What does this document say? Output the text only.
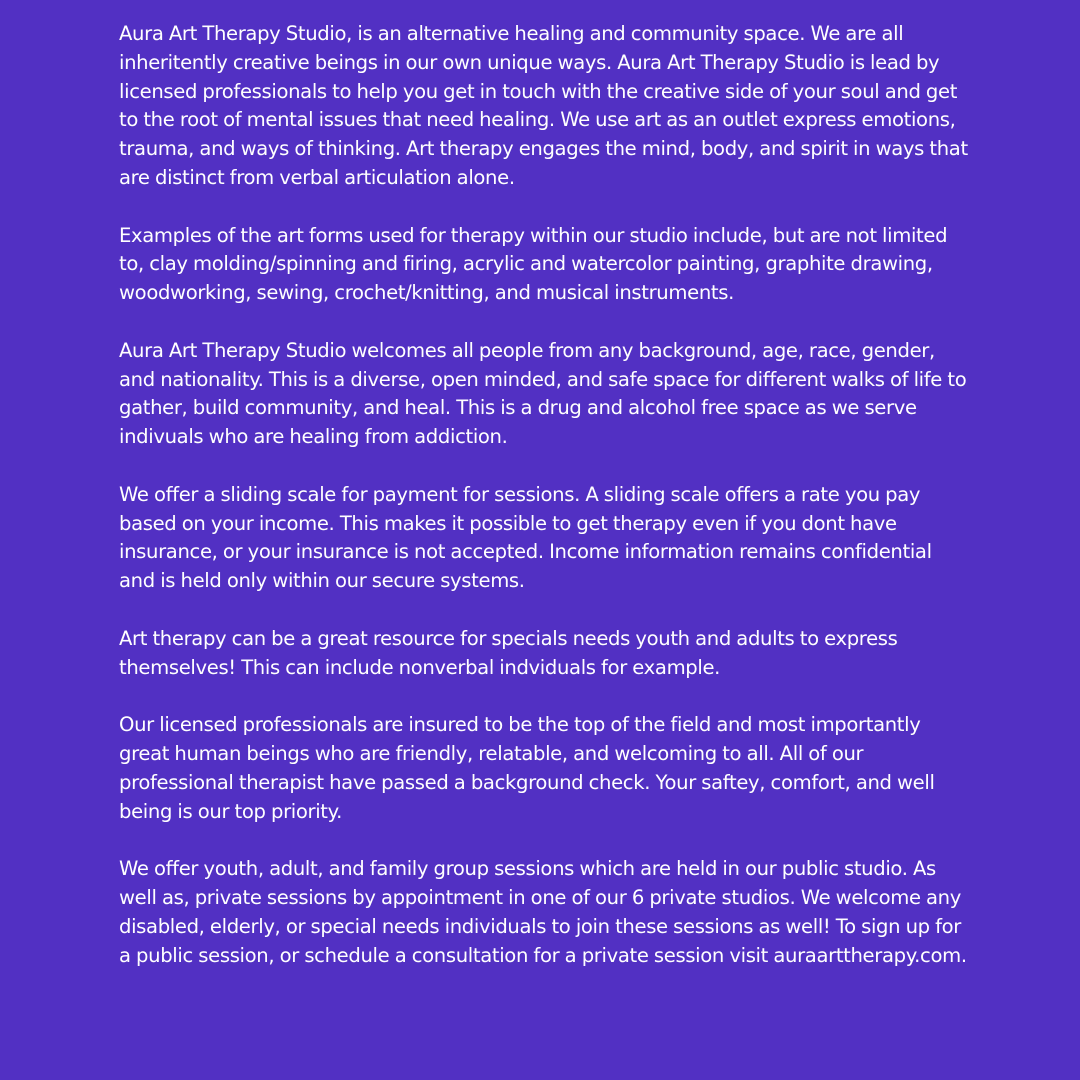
Aura Art Therapy Studio, is an alternative healing and community space. We are all inheritently creative beings in our own unique ways. Aura Art Therapy Studio is lead by licensed professionals to help you get in touch with the creative side of your soul and get to the root of mental issues that need healing. We use art as an outlet express emotions, trauma, and ways of thinking. Art therapy engages the mind, body, and spirit in ways that are distinct from verbal articulation alone.

Examples of the art forms used for therapy within our studio include, but are not limited to, clay molding/spinning and firing, acrylic and watercolor painting, graphite drawing, woodworking, sewing, crochet/knitting, and musical instruments.

Aura Art Therapy Studio welcomes all people from any background, age, race, gender, and nationality. This is a diverse, open minded, and safe space for different walks of life to gather, build community, and heal. This is a drug and alcohol free space as we serve indivuals who are healing from addiction.

We offer a sliding scale for payment for sessions. A sliding scale offers a rate you pay based on your income. This makes it possible to get therapy even if you dont have insurance, or your insurance is not accepted. Income information remains confidential and is held only within our secure systems.

Art therapy can be a great resource for specials needs youth and adults to express themselves! This can include nonverbal indviduals for example.

Our licensed professionals are insured to be the top of the field and most importantly great human beings who are friendly, relatable, and welcoming to all. All of our professional therapist have passed a background check. Your saftey, comfort, and well being is our top priority.

We offer youth, adult, and family group sessions which are held in our public studio. As well as, private sessions by appointment in one of our 6 private studios. We welcome any disabled, elderly, or special needs individuals to join these sessions as well! To sign up for a public session, or schedule a consultation for a private session visit auraarttherapy.com.
